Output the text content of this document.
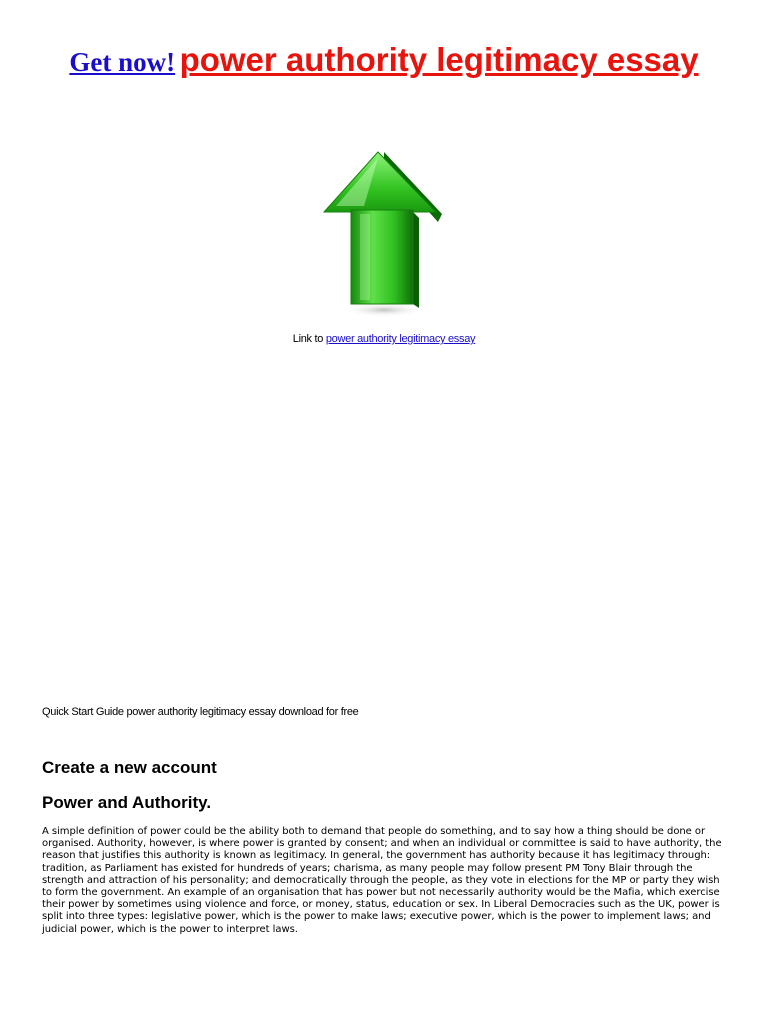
Get now! power authority legitimacy essay
Link to power authority legitimacy essay
Quick Start Guide power authority legitimacy essay download for free
Create a new account
Power and Authority.

A simple definition of power could be the ability both to demand that people do something, and to say how a thing should be done or organised. Authority, however, is where power is granted by consent; and when an individual or committee is said to have authority, the reason that justifies this authority is known as legitimacy. In general, the government has authority because it has legitimacy through: tradition, as Parliament has existed for hundreds of years; charisma, as many people may follow present PM Tony Blair through the strength and attraction of his personality; and democratically through the people, as they vote in elections for the MP or party they wish to form the government. An example of an organisation that has power but not necessarily authority would be the Mafia, which exercise their power by sometimes using violence and force, or money, status, education or sex. In Liberal Democracies such as the UK, power is split into three types: legislative power, which is the power to make laws; executive power, which is the power to implement laws; and judicial power, which is the power to interpret laws.
